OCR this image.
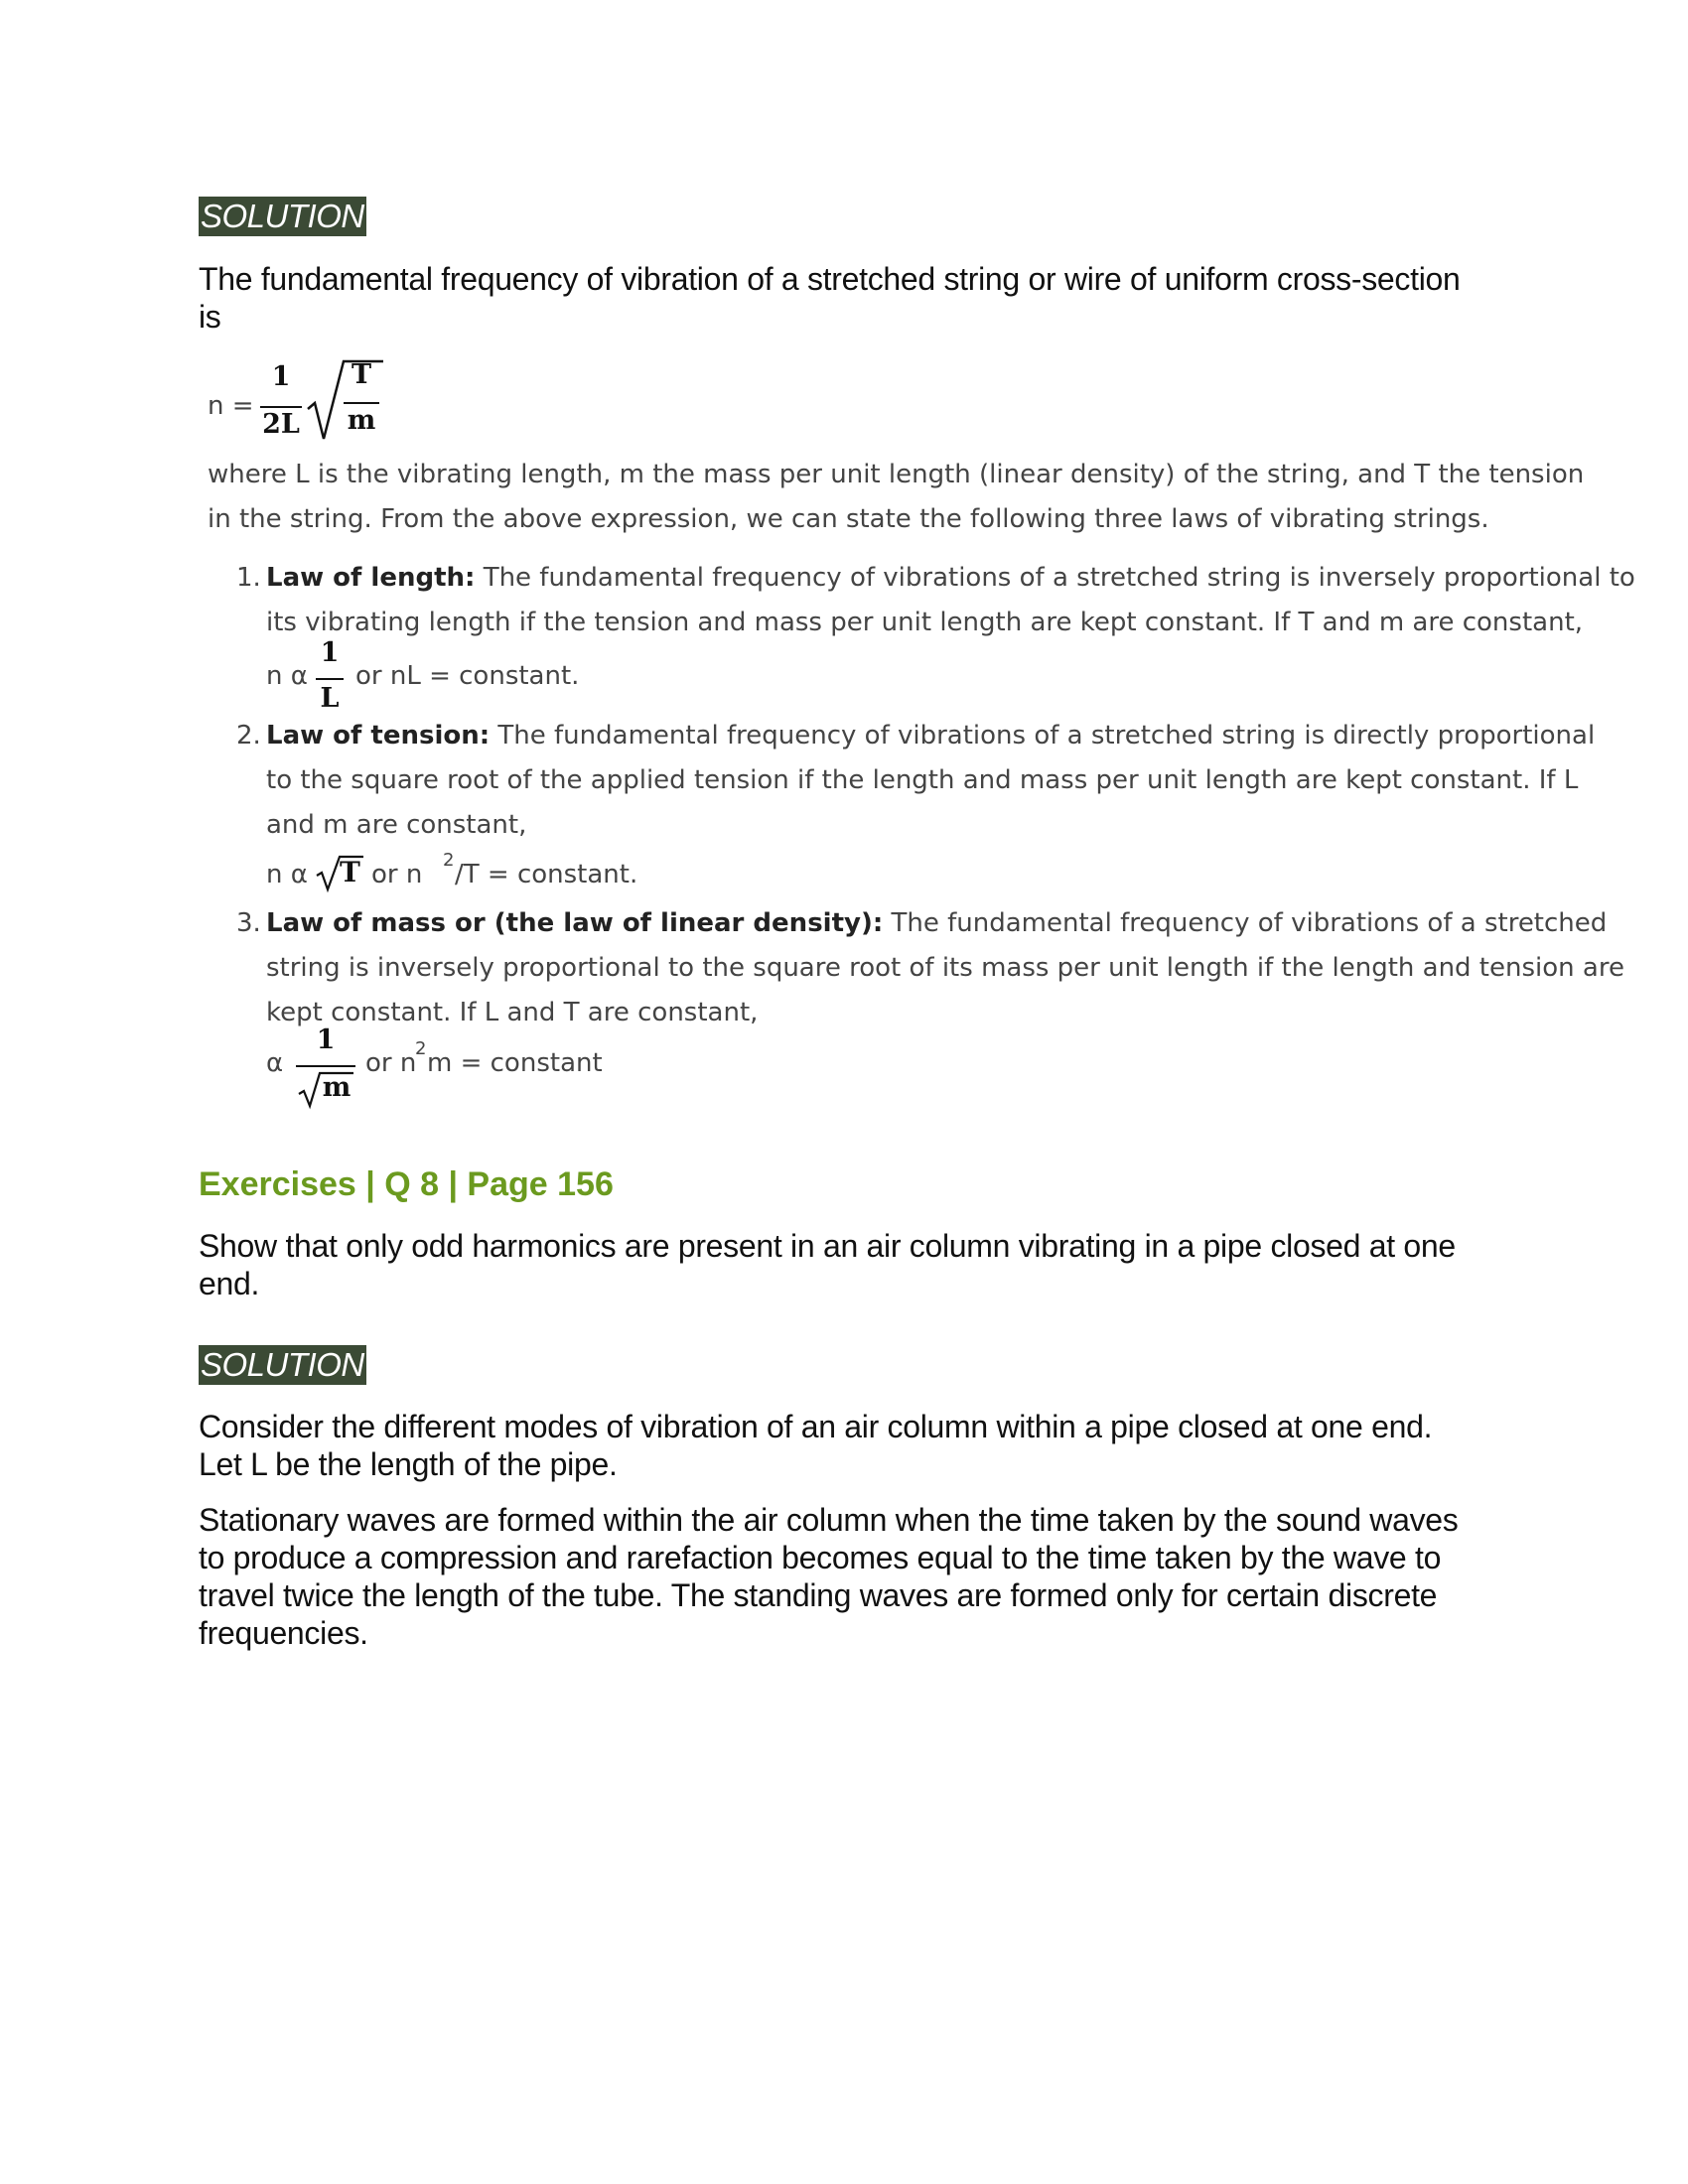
SOLUTION
The fundamental frequency of vibration of a stretched string or wire of uniform cross-section is
n =
1
2L
T
m
where L is the vibrating length, m the mass per unit length (linear density) of the string, and T the tension in the string. From the above expression, we can state the following three laws of vibrating strings.
1. Law of length: The fundamental frequency of vibrations of a stretched string is inversely proportional to its vibrating length if the tension and mass per unit length are kept constant. If T and m are constant,
n α
1
L
or nL = constant.
2. Law of tension: The fundamental frequency of vibrations of a stretched string is directly proportional to the square root of the applied tension if the length and mass per unit length are kept constant. If L and m are constant,
n α T or n 2 /T = constant.
3. Law of mass or (the law of linear density): The fundamental frequency of vibrations of a stretched string is inversely proportional to the square root of its mass per unit length if the length and tension are kept constant. If L and T are constant,
α
1
m
or n
2 m = constant
Exercises | Q 8 | Page 156
Show that only odd harmonics are present in an air column vibrating in a pipe closed at one end.
SOLUTION
Consider the different modes of vibration of an air column within a pipe closed at one end. Let L be the length of the pipe.
Stationary waves are formed within the air column when the time taken by the sound waves to produce a compression and rarefaction becomes equal to the time taken by the wave to travel twice the length of the tube. The standing waves are formed only for certain discrete frequencies.
